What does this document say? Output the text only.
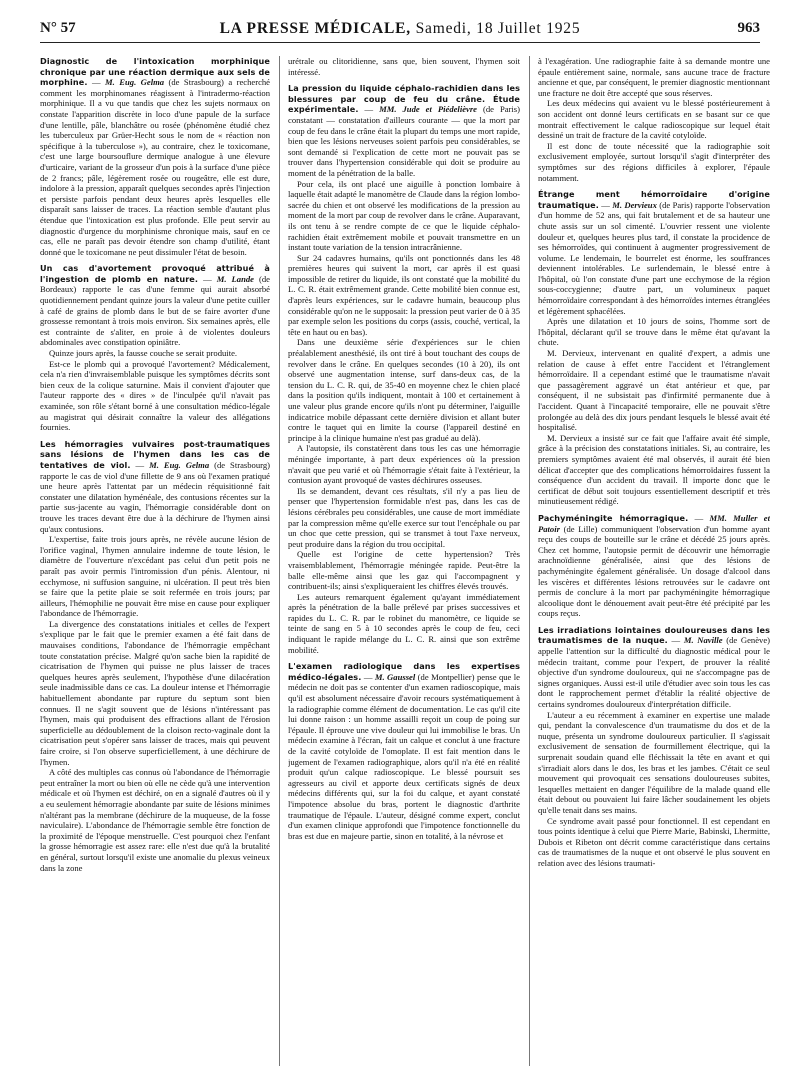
N° 57	LA PRESSE MÉDICALE, Samedi, 18 Juillet 1925	963

Diagnostic de l'intoxication morphinique chronique par une réaction dermique aux sels de morphine. — M. Eug. Gelma (de Strasbourg) a recherché comment les morphinomanes réagissent à l'intradermo-réaction morphinique. Il a vu que tandis que chez les sujets normaux on constate l'apparition discrète in loco d'une papule de la surface d'une lentille, pâle, blanchâtre ou rosée (phénomène étudié chez les tuberculeux par Grüer-Hecht sous le nom de « réaction non spécifique à la tuberculose »), au contraire, chez le toxicomane, c'est une large boursouflure dermique analogue à une élevure d'urticaire, variant de la grosseur d'un pois à la surface d'une pièce de 2 francs; pâle, légèrement rosée ou rougeâtre, elle est dure, indolore à la pression, apparaît quelques secondes après l'injection et persiste parfois pendant deux heures après lesquelles elle disparaît sans laisser de traces. La réaction semble d'autant plus étendue que l'intoxication est plus profonde. Elle peut servir au diagnostic d'urgence du morphinisme chronique mais, sauf en ce cas, elle ne paraît pas devoir étendre son champ d'utilité, étant donné que le toxicomane ne peut dissimuler l'état de besoin.

Un cas d'avortement provoqué attribué à l'ingestion de plomb en nature. — M. Lande (de Bordeaux) rapporte le cas d'une femme qui aurait absorbé quotidiennement pendant quinze jours la valeur d'une petite cuiller à café de grains de plomb dans le but de se faire avorter d'une grossesse remontant à trois mois environ. Six semaines après, elle est contrainte de s'aliter, en proie à de violentes douleurs abdominales avec constipation opiniâtre.

Quinze jours après, la fausse couche se serait produite.

Est-ce le plomb qui a provoqué l'avortement? Médicalement, cela n'a rien d'invraisemblable puisque les symptômes décrits sont bien ceux de la colique saturnine. Mais il convient d'ajouter que l'auteur rapporte des « dires » de l'inculpée qu'il n'avait pas examinée, son rôle s'étant borné à une consultation médico-légale au magistrat qui désirait connaître la valeur des allégations fournies.

Les hémorragies vulvaires post-traumatiques sans lésions de l'hymen dans les cas de tentatives de viol. — M. Eug. Gelma (de Strasbourg) rapporte le cas de viol d'une fillette de 9 ans où l'examen pratiqué une heure après l'attentat par un médecin réquisitionné fait constater une dilatation hyménéale, des contusions récentes sur la partie sus-jacente au vagin, l'hémorragie considérable dont on trouve les traces devant être due à la déchirure de l'hymen ainsi qu'aux contusions.

L'expertise, faite trois jours après, ne révèle aucune lésion de l'orifice vaginal, l'hymen annulaire indemne de toute lésion, le diamètre de l'ouverture n'excédant pas celui d'un petit pois ne paraît pas avoir permis l'intromission d'un pénis. Alentour, ni ecchymose, ni suffusion sanguine, ni ulcération. Il peut très bien se faire que la petite plaie se soit refermée en trois jours; par ailleurs, l'hémophilie ne pouvait être mise en cause pour expliquer l'abondance de l'hémorragie.

La divergence des constatations initiales et celles de l'expert s'explique par le fait que le premier examen a été fait dans de mauvaises conditions, l'abondance de l'hémorragie empêchant toute constatation précise. Malgré qu'on sache bien la rapidité de cicatrisation de l'hymen qui puisse ne plus laisser de traces quelques heures après seulement, l'hypothèse d'une dilacération seule inadmissible dans ce cas. La douleur intense et l'hémorragie habituellement abondante par rupture du septum sont bien connues. Il ne s'agit souvent que de lésions n'intéressant pas l'hymen, mais qui produisent des effractions allant de l'érosion superficielle au dédoublement de la cloison recto-vaginale dont la cicatrisation peut s'opérer sans laisser de traces, mais qui peuvent faire croire, si l'on observe superficiellement, à une déchirure de l'hymen.

A côté des multiples cas connus où l'abondance de l'hémorragie peut entraîner la mort ou bien où elle ne cède qu'à une intervention médicale et où l'hymen est déchiré, on en a signalé d'autres où il y a eu seulement hémorragie abondante par suite de lésions minimes n'altérant pas la membrane (déchirure de la muqueuse, de la fosse naviculaire). L'abondance de l'hémorragie semble être fonction de la proximité de l'époque menstruelle. C'est pourquoi chez l'enfant la grosse hémorragie est assez rare: elle n'est due qu'à la brutalité en général, surtout lorsqu'il existe une anomalie du plexus veineux dans la zone

urétrale ou clitoridienne, sans que, bien souvent, l'hymen soit intéressé.

La pression du liquide céphalo-rachidien dans les blessures par coup de feu du crâne. Étude expérimentale. — MM. Jude et Piédelièvre (de Paris) constatant — constatation d'ailleurs courante — que la mort par coup de feu dans le crâne était la plupart du temps une mort rapide, bien que les lésions nerveuses soient parfois peu considérables, se sont demandé si l'explication de cette mort ne pouvait pas se trouver dans l'hypertension considérable qui doit se produire au moment de la pénétration de la balle.

Pour cela, ils ont placé une aiguille à ponction lombaire à laquelle était adapté le manomètre de Claude dans la région lombo-sacrée du chien et ont observé les modifications de la pression au moment de la mort par coup de revolver dans le crâne. Auparavant, ils ont tenu à se rendre compte de ce que le liquide céphalo-rachidien était extrêmement mobile et pouvait transmettre en un instant toute variation de la tension intracrânienne.

Sur 24 cadavres humains, qu'ils ont ponctionnés dans les 48 premières heures qui suivent la mort, car après il est quasi impossible de retirer du liquide, ils ont constaté que la mobilité du L. C. R. était extrêmement grande. Cette mobilité bien connue est, d'après leurs expériences, sur le cadavre humain, beaucoup plus considérable qu'on ne le supposait: la pression peut varier de 0 à 35 par exemple selon les positions du corps (assis, couché, vertical, la tête en haut ou en bas).

Dans une deuxième série d'expériences sur le chien préalablement anesthésié, ils ont tiré à bout touchant des coups de revolver dans le crâne. En quelques secondes (10 à 20), ils ont observé une augmentation intense, surf dans-deux cas, de la tension du L. C. R. qui, de 35-40 en moyenne chez le chien placé dans la position qu'ils indiquent, montait à 100 et certainement à une valeur plus grande encore qu'ils n'ont pu déterminer, l'aiguille indicatrice mobile dépassant cette dernière division et allant buter contre le taquet qui en limite la course (l'appareil destiné en principe à la clinique humaine n'est pas gradué au delà).

A l'autopsie, ils constatèrent dans tous les cas une hémorragie méningée importante, à part deux expériences où la pression n'avait que peu varié et où l'hémorragie s'était faite à l'extérieur, la contusion ayant provoqué de vastes déchirures osseuses.

Ils se demandent, devant ces résultats, s'il n'y a pas lieu de penser que l'hypertension formidable n'est pas, dans les cas de lésions cérébrales peu considérables, une cause de mort immédiate par la compression même qu'elle exerce sur tout l'encéphale ou par un choc que cette pression, qui se transmet à tout l'axe nerveux, peut produire dans la région du trou occipital.

Quelle est l'origine de cette hypertension? Très vraisemblablement, l'hémorragie méningée rapide. Peut-être la balle elle-même ainsi que les gaz qui l'accompagnent y contribuent-ils; ainsi s'expliqueraient les chiffres élevés trouvés.

Les auteurs remarquent également qu'ayant immédiatement après la pénétration de la balle prélevé par prises successives et rapides du L. C. R. par le robinet du manomètre, ce liquide se teinte de sang en 5 à 10 secondes après le coup de feu, ceci indiquant le rapide mélange du L. C. R. ainsi que son extrême mobilité.

L'examen radiologique dans les expertises médico-légales. — M. Gaussel (de Montpellier) pense que le médecin ne doit pas se contenter d'un examen radioscopique, mais qu'il est absolument nécessaire d'avoir recours systématiquement à la radiographie comme élément de documentation. Le cas qu'il cite lui donne raison : un homme assailli reçoit un coup de poing sur l'épaule. Il éprouve une vive douleur qui lui immobilise le bras. Un médecin examine à l'écran, fait un calque et conclut à une fracture de la cavité cotyloïde de l'omoplate. Il est fait mention dans le jugement de l'examen radiographique, alors qu'il n'a été en réalité produit qu'un calque radioscopique. Le blessé poursuit ses agresseurs au civil et apporte deux certificats signés de deux médecins différents qui, sur la foi du calque, et ayant constaté l'impotence absolue du bras, portent le diagnostic d'arthrite traumatique de l'épaule. L'auteur, désigné comme expert, conclut d'un examen clinique approfondi que l'impotence fonctionnelle du bras est due en majeure partie, sinon en totalité, à la névrose et

à l'exagération. Une radiographie faite à sa demande montre une épaule entièrement saine, normale, sans aucune trace de fracture ancienne et que, par conséquent, le premier diagnostic mentionnant une fracture ne doit être accepté que sous réserves.

Les deux médecins qui avaient vu le blessé postérieurement à son accident ont donné leurs certificats en se basant sur ce que montrait effectivement le calque radioscopique sur lequel était dessiné un trait de fracture de la cavité cotyloïde.

Il est donc de toute nécessité que la radiographie soit exclusivement employée, surtout lorsqu'il s'agit d'interpréter des symptômes sur des régions difficiles à explorer, l'épaule notamment.

Étrange ment hémorroïdaire d'origine traumatique. — M. Dervieux (de Paris) rapporte l'observation d'un homme de 52 ans, qui fait brutalement et de sa hauteur une chute assis sur un sol cimenté. L'ouvrier ressent une violente douleur et, quelques heures plus tard, il constate la procidence de ses hémorroïdes, qui continuent à augmenter progressivement de volume. Le lendemain, le bourrelet est énorme, les souffrances deviennent intolérables. Le surlendemain, le blessé entre à l'hôpital, où l'on constate d'une part une ecchymose de la région sous-coccygienne; d'autre part, un volumineux paquet hémorroïdaire correspondant à des hémorroïdes internes étranglées et légèrement sphacélées.

Après une dilatation et 10 jours de soins, l'homme sort de l'hôpital, déclarant qu'il se trouve dans le même état qu'avant la chute.

M. Dervieux, intervenant en qualité d'expert, a admis une relation de cause à effet entre l'accident et l'étranglement hémorroïdaire. Il a cependant estimé que le traumatisme n'avait que passagèrement aggravé un état antérieur et que, par conséquent, il ne subsistait pas d'infirmité permanente due à l'accident. Quant à l'incapacité temporaire, elle ne pouvait s'être prolongée au delà des dix jours pendant lesquels le blessé avait été hospitalisé.

M. Dervieux a insisté sur ce fait que l'affaire avait été simple, grâce à la précision des constatations initiales. Si, au contraire, les premiers symptômes avaient été mal observés, il aurait été bien délicat d'accepter que des complications hémorroïdaires fussent la conséquence d'un accident du travail. Il importe donc que le certificat de début soit toujours essentiellement descriptif et très minutieusement rédigé.

Pachyméningite hémorragique. — MM. Muller et Patoir (de Lille) communiquent l'observation d'un homme ayant reçu des coups de bouteille sur le crâne et décédé 25 jours après. Chez cet homme, l'autopsie permit de découvrir une hémorragie arachnoïdienne généralisée, ainsi que des lésions de pachyméningite également généralisée. Un dosage d'alcool dans les viscères et différentes lésions retrouvées sur le cadavre ont permis de conclure à la mort par pachyméningite hémorragique alcoolique dont le dénouement avait peut-être été précipité par les coups reçus.

Les irradiations lointaines douloureuses dans les traumatismes de la nuque. — M. Naville (de Genève) appelle l'attention sur la difficulté du diagnostic médical pour le médecin traitant, comme pour l'expert, de prouver la réalité objective d'un syndrome douloureux, qui ne s'accompagne pas de signes organiques. Aussi est-il utile d'étudier avec soin tous les cas dont le rapprochement permet d'établir la réalité objective de certains syndromes douloureux d'interprétation difficile.

L'auteur a eu récemment à examiner en expertise une malade qui, pendant la convalescence d'un traumatisme du dos et de la nuque, présenta un syndrome douloureux particulier. Il s'agissait exclusivement de sensation de fourmillement électrique, qui la surprenait soudain quand elle fléchissait la tête en avant et qui s'irradiait alors dans le dos, les bras et les jambes. C'était ce seul mouvement qui provoquait ces sensations douloureuses subites, lesquelles mettaient en danger l'équilibre de la malade quand elle était debout ou pouvaient lui faire lâcher soudainement les objets qu'elle tenait dans ses mains.

Ce syndrome avait passé pour fonctionnel. Il est cependant en tous points identique à celui que Pierre Marie, Babinski, Lhermitte, Dubois et Ribeton ont décrit comme caractéristique dans certains cas de traumatismes de la nuque et ont observé le plus souvent en relation avec des lésions traumati-
